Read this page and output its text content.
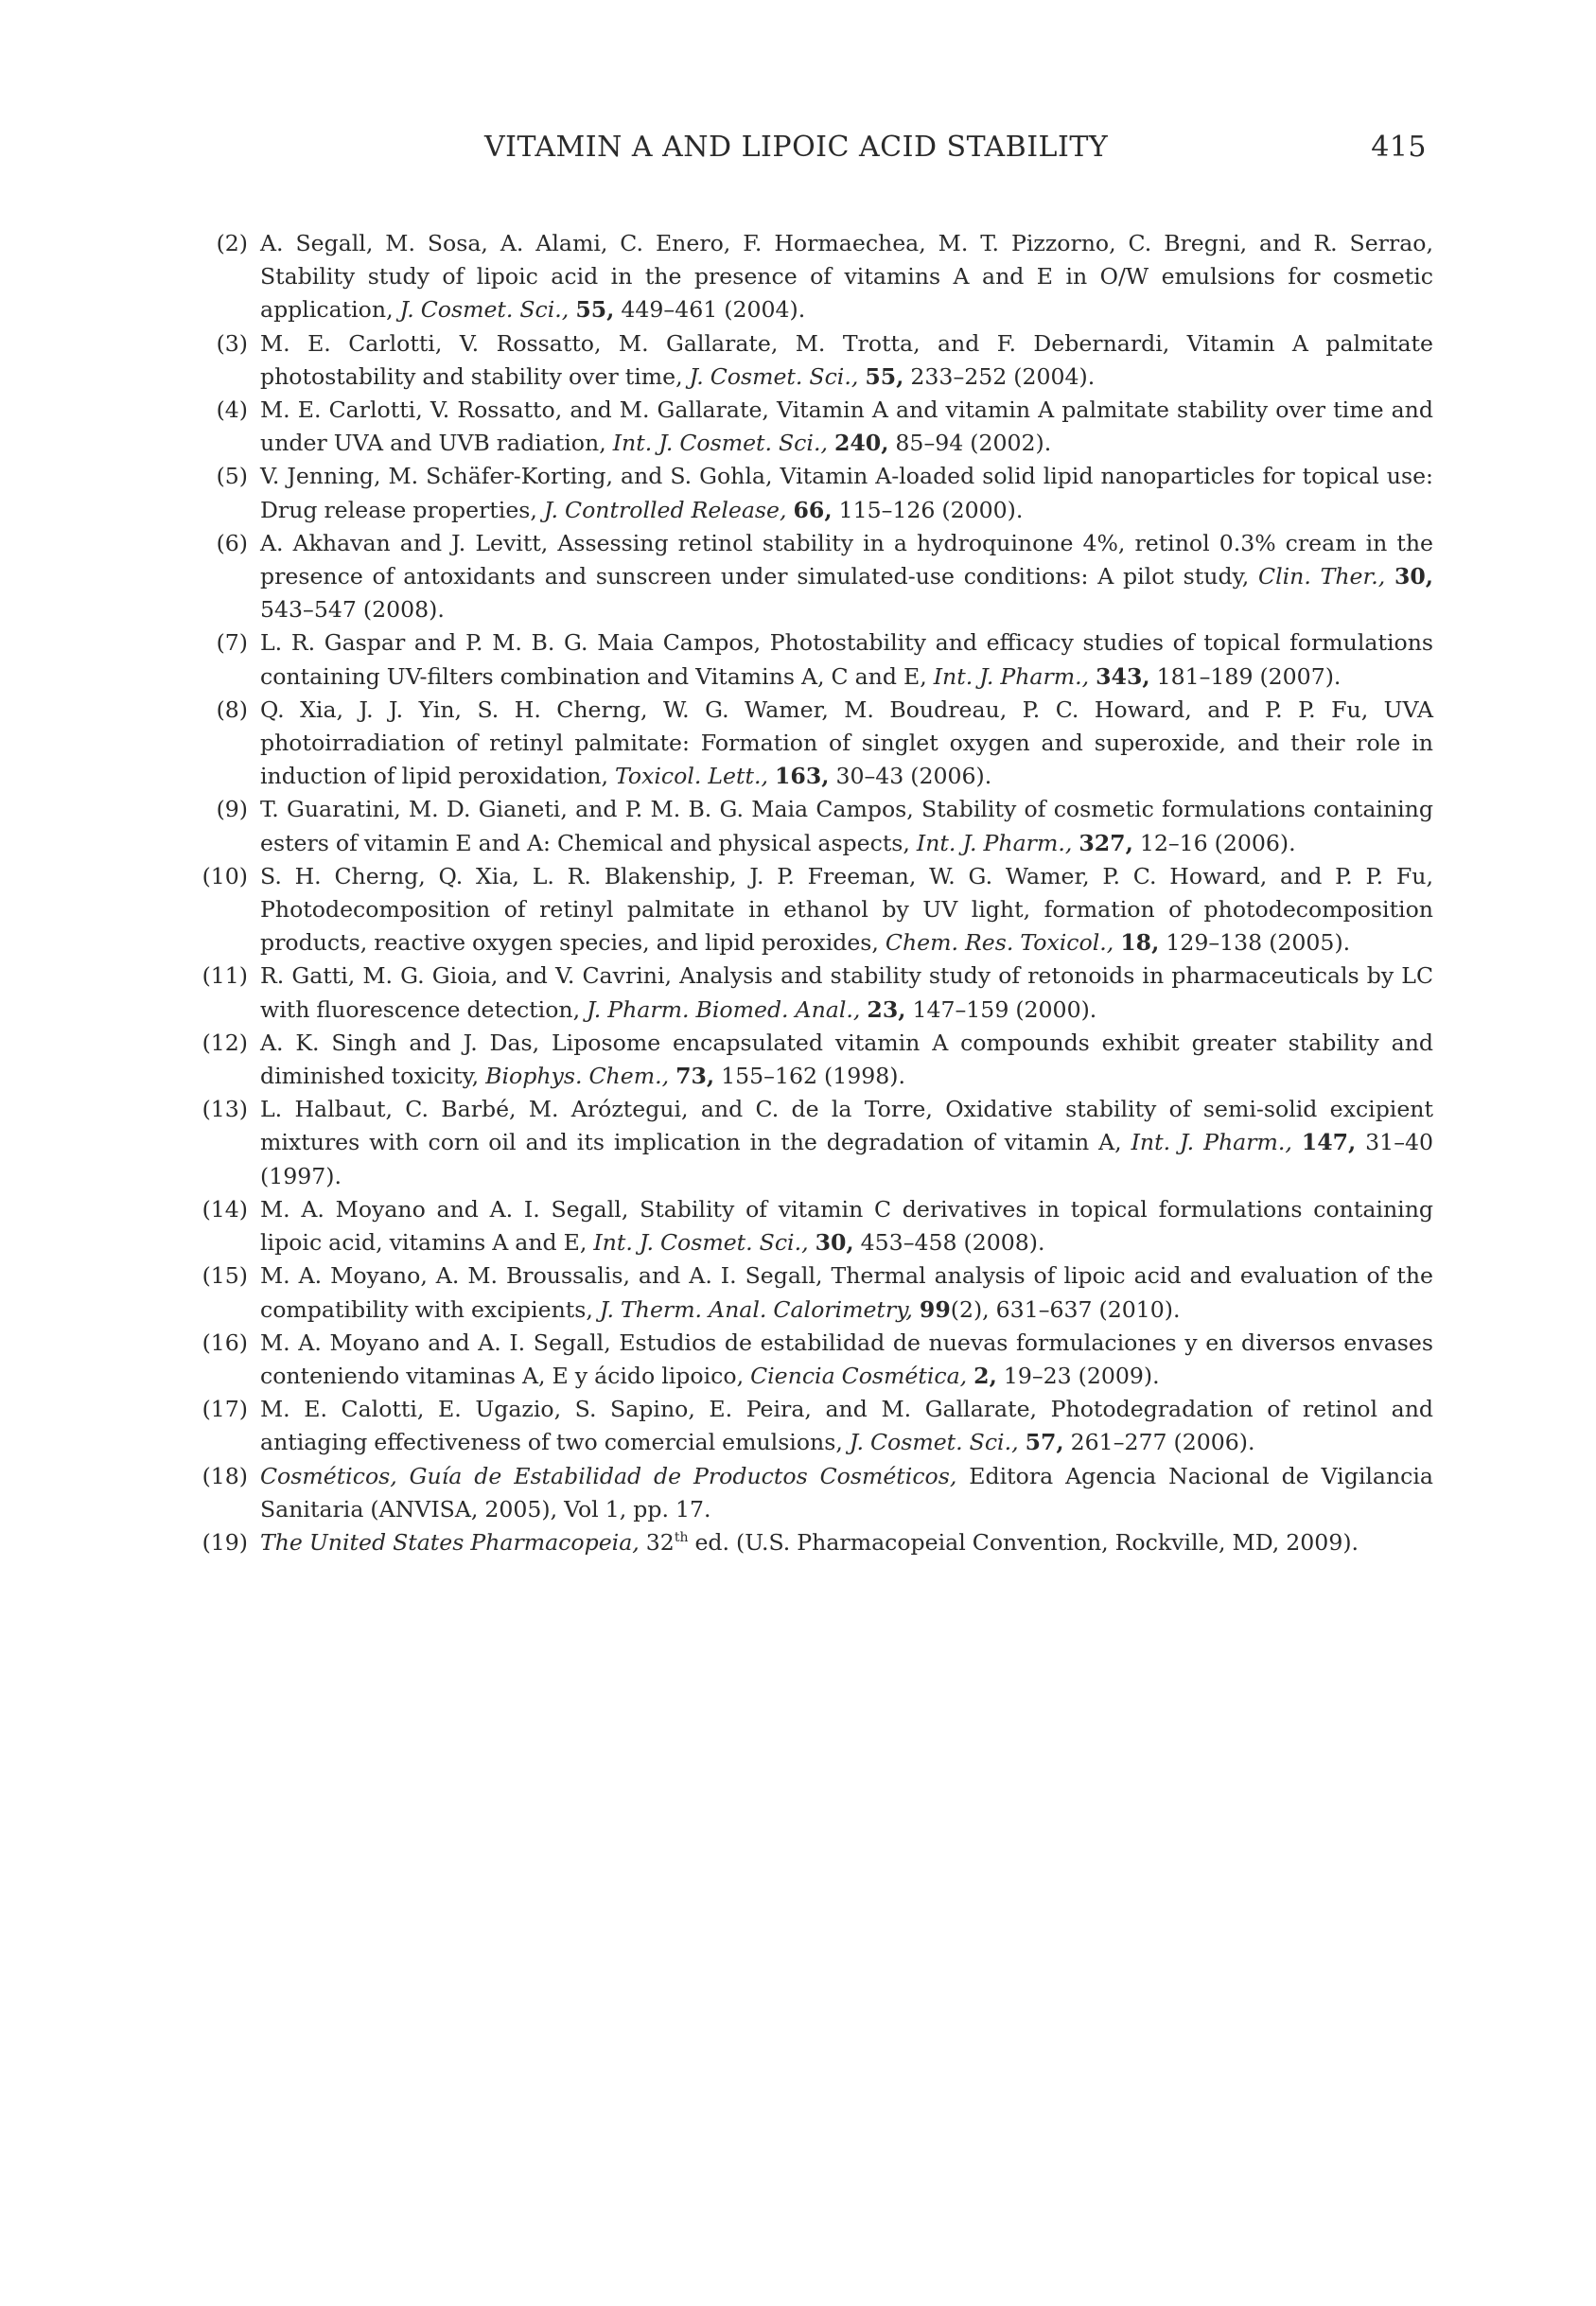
VITAMIN A AND LIPOIC ACID STABILITY	415
(2) A. Segall, M. Sosa, A. Alami, C. Enero, F. Hormaechea, M. T. Pizzorno, C. Bregni, and R. Serrao, Stability study of lipoic acid in the presence of vitamins A and E in O/W emulsions for cosmetic application, J. Cosmet. Sci., 55, 449–461 (2004).
(3) M. E. Carlotti, V. Rossatto, M. Gallarate, M. Trotta, and F. Debernardi, Vitamin A palmitate photostability and stability over time, J. Cosmet. Sci., 55, 233–252 (2004).
(4) M. E. Carlotti, V. Rossatto, and M. Gallarate, Vitamin A and vitamin A palmitate stability over time and under UVA and UVB radiation, Int. J. Cosmet. Sci., 240, 85–94 (2002).
(5) V. Jenning, M. Schäfer-Korting, and S. Gohla, Vitamin A-loaded solid lipid nanoparticles for topical use: Drug release properties, J. Controlled Release, 66, 115–126 (2000).
(6) A. Akhavan and J. Levitt, Assessing retinol stability in a hydroquinone 4%, retinol 0.3% cream in the presence of antoxidants and sunscreen under simulated-use conditions: A pilot study, Clin. Ther., 30, 543–547 (2008).
(7) L. R. Gaspar and P. M. B. G. Maia Campos, Photostability and efficacy studies of topical formulations containing UV-filters combination and Vitamins A, C and E, Int. J. Pharm., 343, 181–189 (2007).
(8) Q. Xia, J. J. Yin, S. H. Cherng, W. G. Wamer, M. Boudreau, P. C. Howard, and P. P. Fu, UVA photoirradiation of retinyl palmitate: Formation of singlet oxygen and superoxide, and their role in induction of lipid peroxidation, Toxicol. Lett., 163, 30–43 (2006).
(9) T. Guaratini, M. D. Gianeti, and P. M. B. G. Maia Campos, Stability of cosmetic formulations containing esters of vitamin E and A: Chemical and physical aspects, Int. J. Pharm., 327, 12–16 (2006).
(10) S. H. Cherng, Q. Xia, L. R. Blakenship, J. P. Freeman, W. G. Wamer, P. C. Howard, and P. P. Fu, Photodecomposition of retinyl palmitate in ethanol by UV light, formation of photodecomposition products, reactive oxygen species, and lipid peroxides, Chem. Res. Toxicol., 18, 129–138 (2005).
(11) R. Gatti, M. G. Gioia, and V. Cavrini, Analysis and stability study of retonoids in pharmaceuticals by LC with fluorescence detection, J. Pharm. Biomed. Anal., 23, 147–159 (2000).
(12) A. K. Singh and J. Das, Liposome encapsulated vitamin A compounds exhibit greater stability and diminished toxicity, Biophys. Chem., 73, 155–162 (1998).
(13) L. Halbaut, C. Barbé, M. Aróztegui, and C. de la Torre, Oxidative stability of semi-solid excipient mixtures with corn oil and its implication in the degradation of vitamin A, Int. J. Pharm., 147, 31–40 (1997).
(14) M. A. Moyano and A. I. Segall, Stability of vitamin C derivatives in topical formulations containing lipoic acid, vitamins A and E, Int. J. Cosmet. Sci., 30, 453–458 (2008).
(15) M. A. Moyano, A. M. Broussalis, and A. I. Segall, Thermal analysis of lipoic acid and evaluation of the compatibility with excipients, J. Therm. Anal. Calorimetry, 99(2), 631–637 (2010).
(16) M. A. Moyano and A. I. Segall, Estudios de estabilidad de nuevas formulaciones y en diversos envases conteniendo vitaminas A, E y ácido lipoico, Ciencia Cosmética, 2, 19–23 (2009).
(17) M. E. Calotti, E. Ugazio, S. Sapino, E. Peira, and M. Gallarate, Photodegradation of retinol and antiaging effectiveness of two comercial emulsions, J. Cosmet. Sci., 57, 261–277 (2006).
(18) Cosméticos, Guía de Estabilidad de Productos Cosméticos, Editora Agencia Nacional de Vigilancia Sanitaria (ANVISA, 2005), Vol 1, pp. 17.
(19) The United States Pharmacopeia, 32th ed. (U.S. Pharmacopeial Convention, Rockville, MD, 2009).
